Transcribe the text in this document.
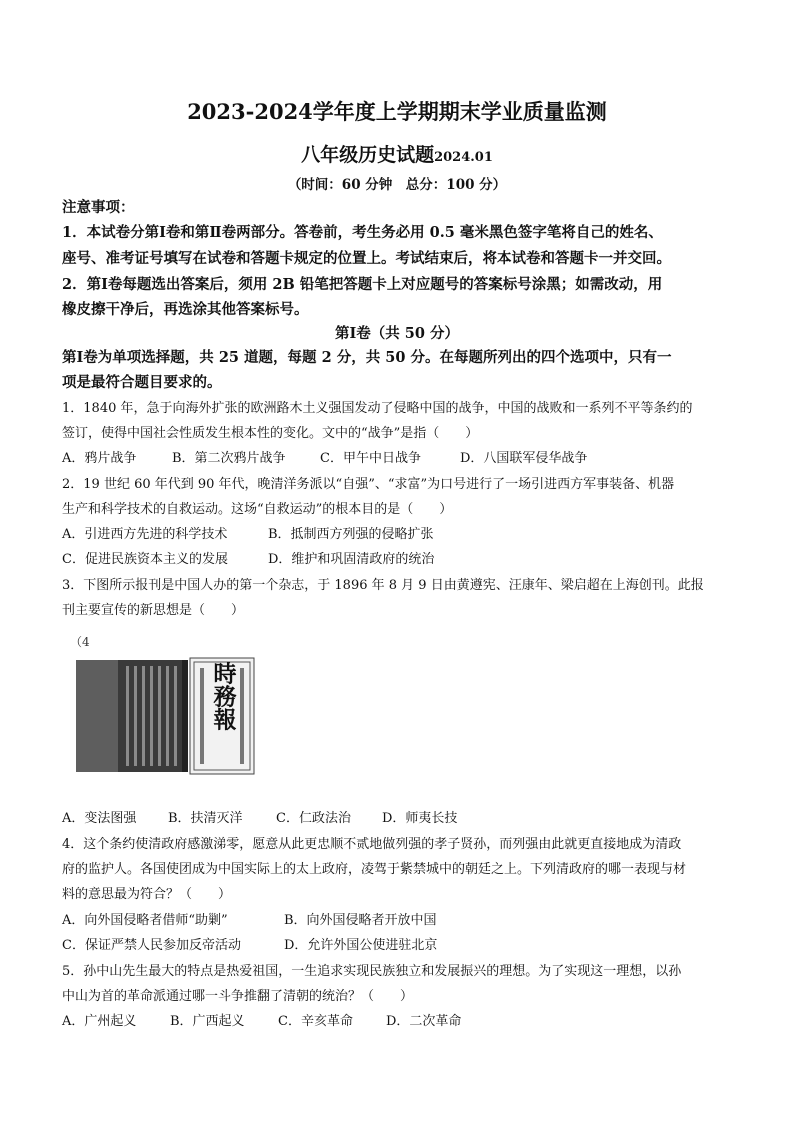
2023-2024学年度上学期期末学业质量监测
八年级历史试题2024.01
（时间：60 分钟　总分：100 分）
注意事项：
1．本试卷分第Ⅰ卷和第Ⅱ卷两部分。答卷前，考生务必用 0.5 毫米黑色签字笔将自己的姓名、
座号、准考证号填写在试卷和答题卡规定的位置上。考试结束后，将本试卷和答题卡一并交回。
2．第Ⅰ卷每题选出答案后，须用 2B 铅笔把答题卡上对应题号的答案标号涂黑；如需改动，用
橡皮擦干净后，再选涂其他答案标号。
第Ⅰ卷（共 50 分）
第Ⅰ卷为单项选择题，共 25 道题，每题 2 分，共 50 分。在每题所列出的四个选项中，只有一
项是最符合题目要求的。
1．1840 年，急于向海外扩张的欧洲路木土义强国发动了侵略中国的战争，中国的战败和一系列不平等条约的
签订，使得中国社会性质发生根本性的变化。文中的“战争”是指（　　）
A．鸦片战争	B．第二次鸦片战争	C．甲午中日战争	D．八国联军侵华战争
2．19 世纪 60 年代到 90 年代，晚清洋务派以“自强”、“求富”为口号进行了一场引进西方军事装备、机器
生产和科学技术的自救运动。这场“自救运动”的根本目的是（　　）
A．引进西方先进的科学技术	B．抵制西方列强的侵略扩张
C．促进民族资本主义的发展	D．维护和巩固清政府的统治
3．下图所示报刊是中国人办的第一个杂志，于 1896 年 8 月 9 日由黄遵宪、汪康年、梁启超在上海创刊。此报
刊主要宣传的新思想是（　　）
（4
時務報
A．变法图强 B．扶清灭洋	C．仁政法治 D．师夷长技
4．这个条约使清政府感激涕零，愿意从此更忠顺不贰地做列强的孝子贤孙，而列强由此就更直接地成为清政
府的监护人。各国使团成为中国实际上的太上政府，凌驾于紫禁城中的朝廷之上。下列清政府的哪一表现与材
料的意思最为符合？（　　）
A．向外国侵略者借师“助剿”	B．向外国侵略者开放中国
C．保证严禁人民参加反帝活动	D．允许外国公使进驻北京
5．孙中山先生最大的特点是热爱祖国，一生追求实现民族独立和发展振兴的理想。为了实现这一理想，以孙
中山为首的革命派通过哪一斗争推翻了清朝的统治？（　　）
A．广州起义	B．广西起义	C．辛亥革命	D．二次革命
